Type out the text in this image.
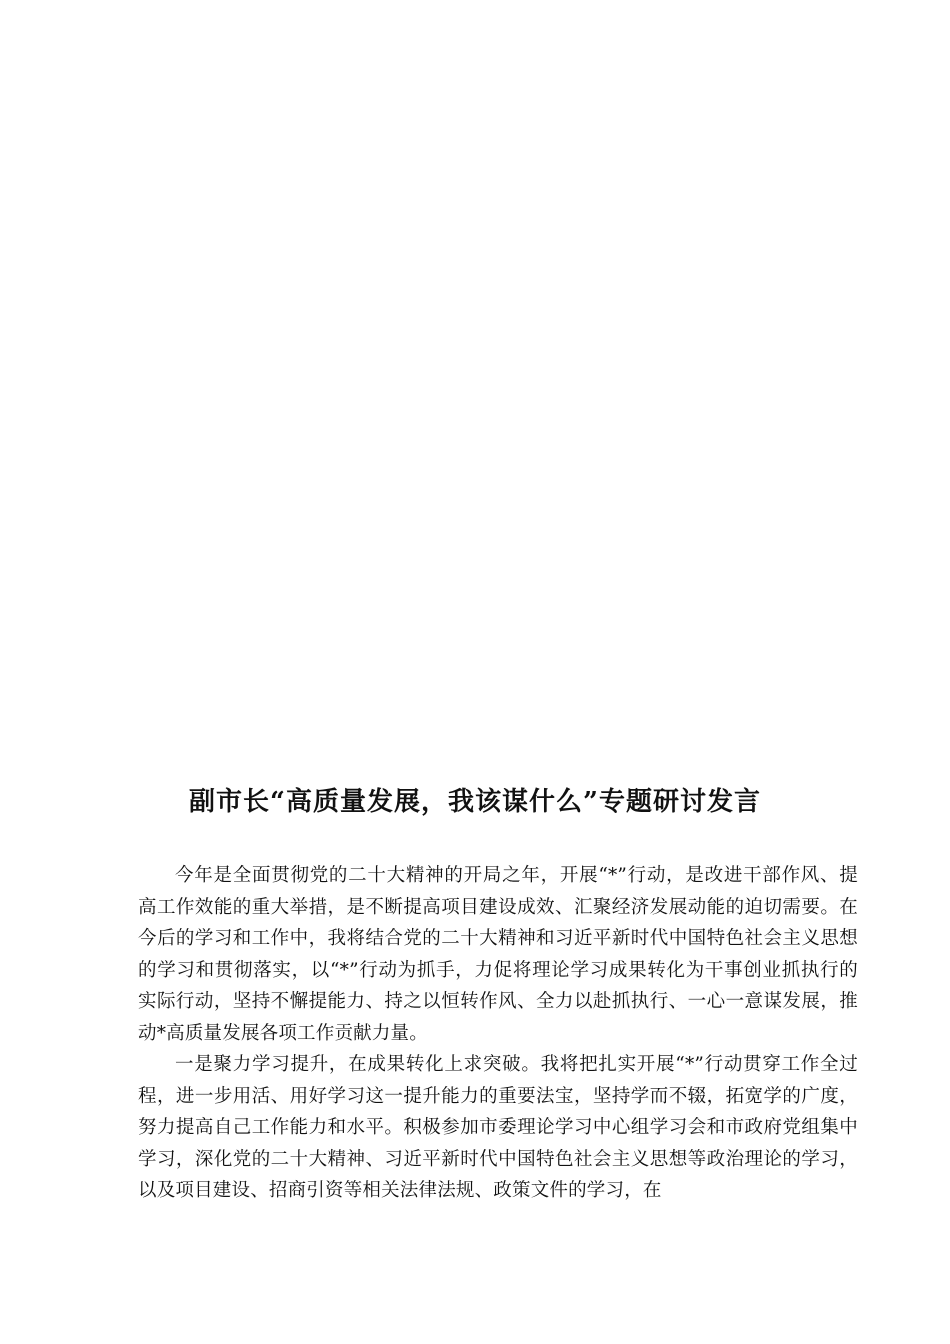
副市长“高质量发展，我该谋什么”专题研讨发言

今年是全面贯彻党的二十大精神的开局之年，开展“*”行动，是改进干部作风、提高工作效能的重大举措，是不断提高项目建设成效、汇聚经济发展动能的迫切需要。在今后的学习和工作中，我将结合党的二十大精神和习近平新时代中国特色社会主义思想的学习和贯彻落实，以“*”行动为抓手，力促将理论学习成果转化为干事创业抓执行的实际行动，坚持不懈提能力、持之以恒转作风、全力以赴抓执行、一心一意谋发展，推动*高质量发展各项工作贡献力量。

一是聚力学习提升，在成果转化上求突破。我将把扎实开展“*”行动贯穿工作全过程，进一步用活、用好学习这一提升能力的重要法宝，坚持学而不辍，拓宽学的广度，努力提高自己工作能力和水平。积极参加市委理论学习中心组学习会和市政府党组集中学习，深化党的二十大精神、习近平新时代中国特色社会主义思想等政治理论的学习，以及项目建设、招商引资等相关法律法规、政策文件的学习，在
